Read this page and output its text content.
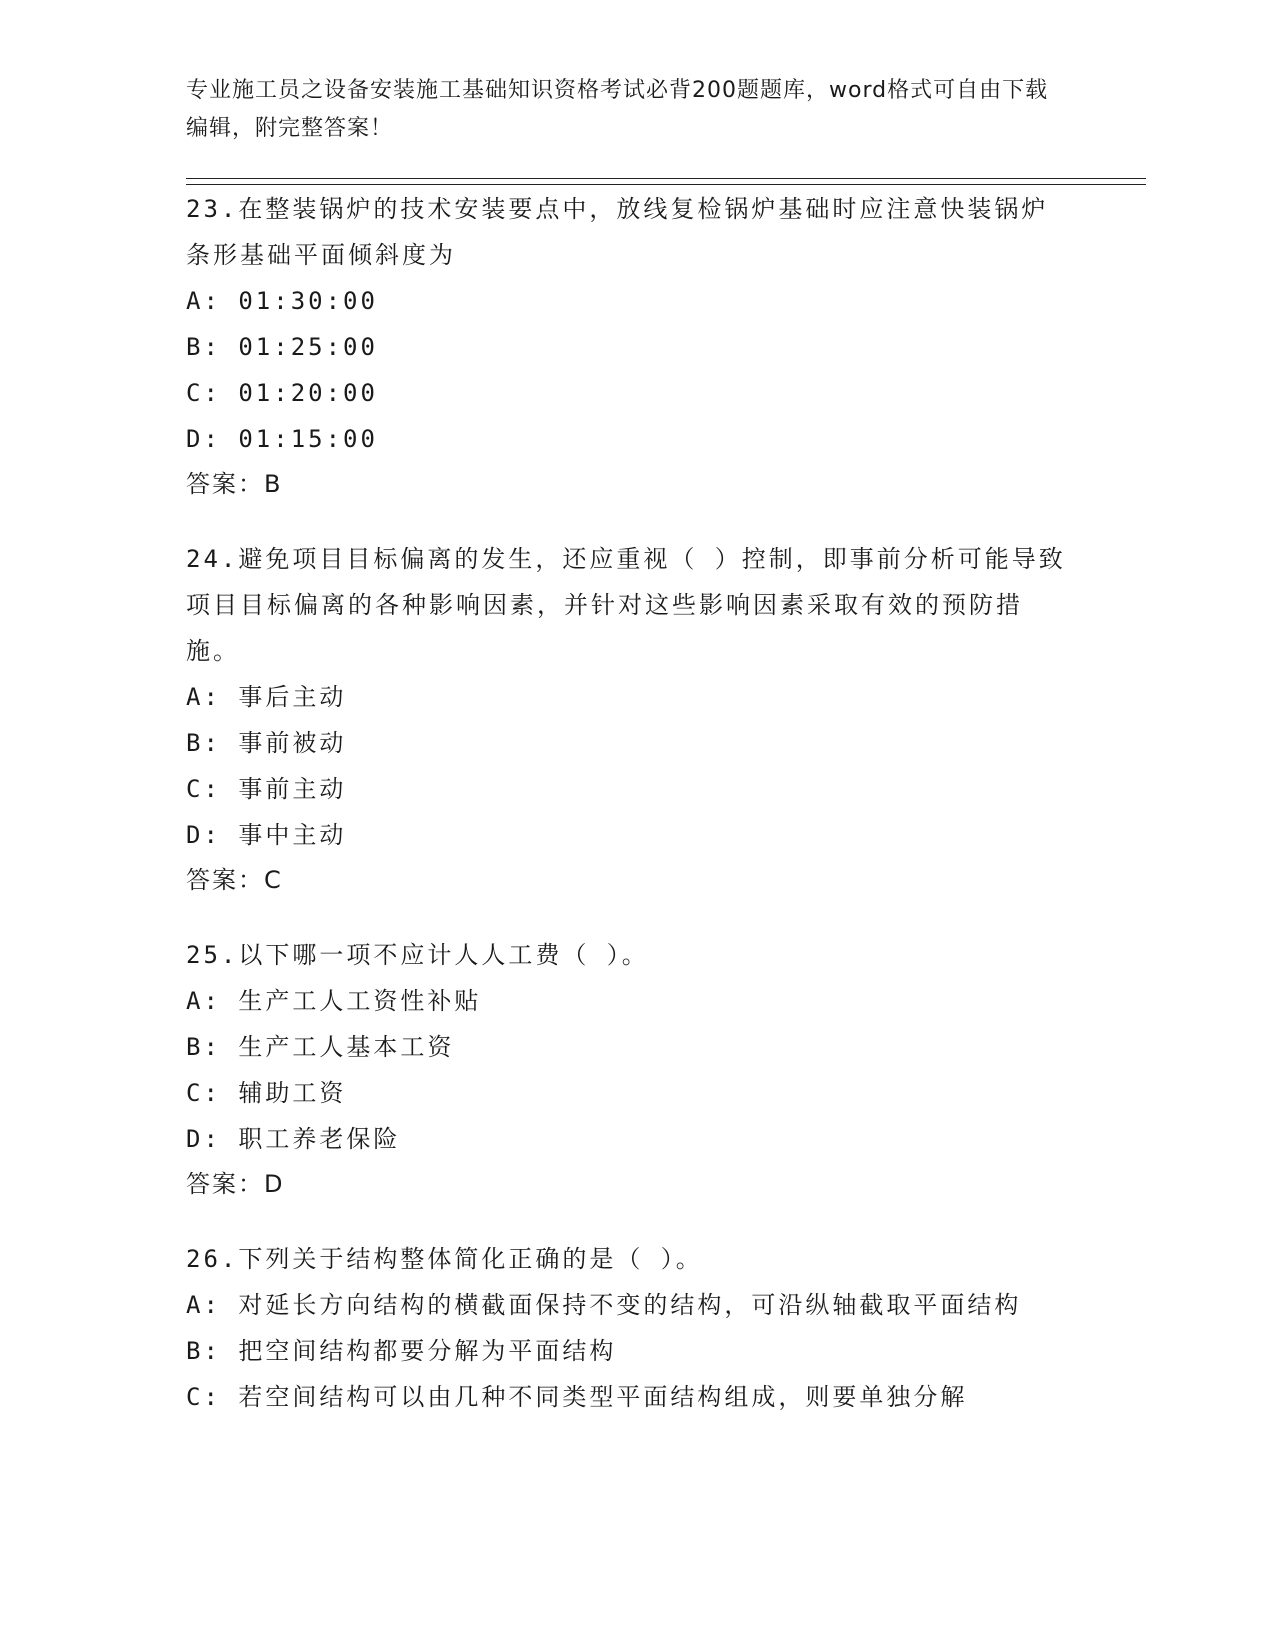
专业施工员之设备安装施工基础知识资格考试必背200题题库，word格式可自由下载编辑，附完整答案！
23.在整装锅炉的技术安装要点中，放线复检锅炉基础时应注意快装锅炉条形基础平面倾斜度为
A: 01:30:00
B: 01:25:00
C: 01:20:00
D: 01:15:00
答案：B
24.避免项目目标偏离的发生，还应重视（ ）控制，即事前分析可能导致项目目标偏离的各种影响因素，并针对这些影响因素采取有效的预防措施。
A: 事后主动
B: 事前被动
C: 事前主动
D: 事中主动
答案：C
25.以下哪一项不应计人人工费（ ）。
A: 生产工人工资性补贴
B: 生产工人基本工资
C: 辅助工资
D: 职工养老保险
答案：D
26.下列关于结构整体简化正确的是（ ）。
A: 对延长方向结构的横截面保持不变的结构，可沿纵轴截取平面结构
B: 把空间结构都要分解为平面结构
C: 若空间结构可以由几种不同类型平面结构组成，则要单独分解
